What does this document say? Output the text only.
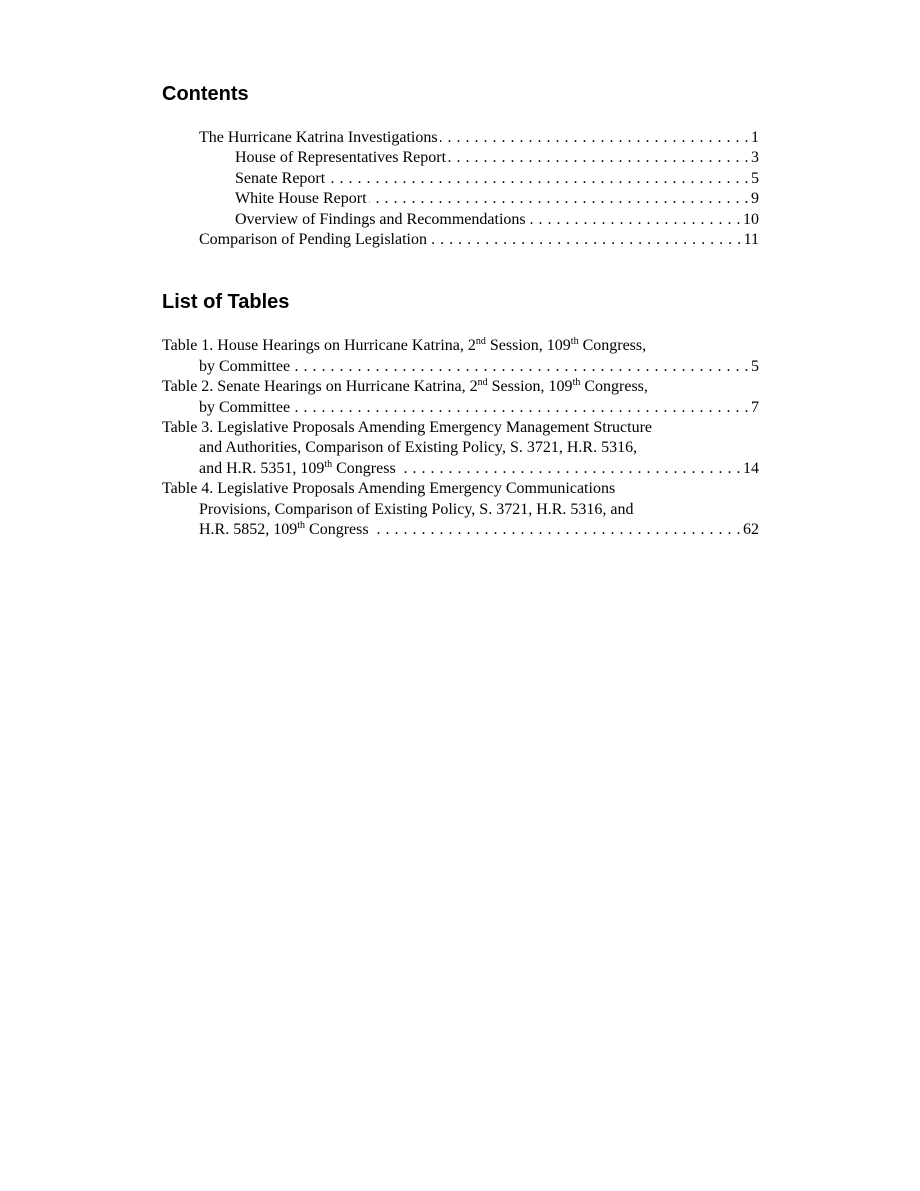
Contents
The Hurricane Katrina Investigations . . .	1
House of Representatives Report . . .	3
Senate Report . . .	5
White House Report . . .	9
Overview of Findings and Recommendations . . .	10
Comparison of Pending Legislation . . .	11
List of Tables
Table 1. House Hearings on Hurricane Katrina, 2nd Session, 109th Congress,
by Committee . . .	5
Table 2. Senate Hearings on Hurricane Katrina, 2nd Session, 109th Congress,
by Committee . . .	7
Table 3. Legislative Proposals Amending Emergency Management Structure
and Authorities, Comparison of Existing Policy, S. 3721, H.R. 5316,
and H.R. 5351, 109th Congress . . .	14
Table 4. Legislative Proposals Amending Emergency Communications
Provisions, Comparison of Existing Policy, S. 3721, H.R. 5316, and
H.R. 5852, 109th Congress . . .	62
